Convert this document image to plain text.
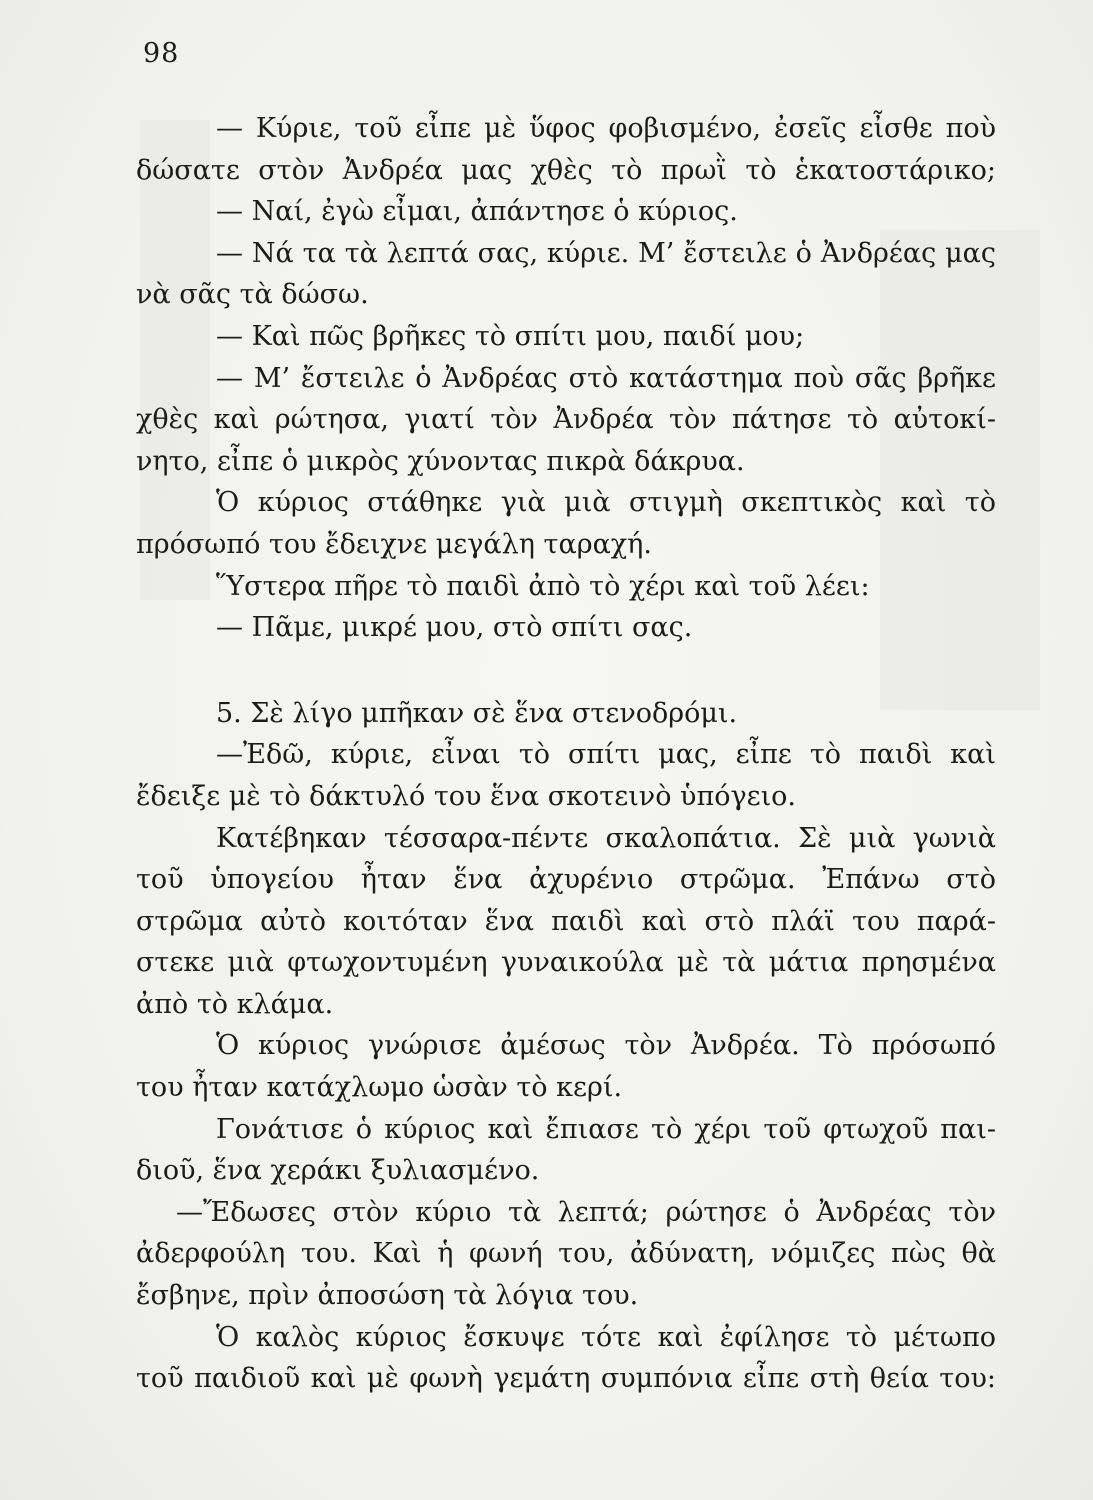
98
— Κύριε, τοῦ εἶπε μὲ ὕφος φοβισμένο, ἐσεῖς εἶσθε ποὺ
δώσατε στὸν Ἀνδρέα μας χθὲς τὸ πρωῒ τὸ ἑκατοστάρικο;
— Ναί, ἐγὼ εἶμαι, ἀπάντησε ὁ κύριος.
— Νά τα τὰ λεπτά σας, κύριε. Μ’ ἔστειλε ὁ Ἀνδρέας μας
νὰ σᾶς τὰ δώσω.
— Καὶ πῶς βρῆκες τὸ σπίτι μου, παιδί μου;
— Μ’ ἔστειλε ὁ Ἀνδρέας στὸ κατάστημα ποὺ σᾶς βρῆκε
χθὲς καὶ ρώτησα, γιατί τὸν Ἀνδρέα τὸν πάτησε τὸ αὐτοκί-
νητο, εἶπε ὁ μικρὸς χύνοντας πικρὰ δάκρυα.
Ὁ κύριος στάθηκε γιὰ μιὰ στιγμὴ σκεπτικὸς καὶ τὸ
πρόσωπό του ἔδειχνε μεγάλη ταραχή.
Ὕστερα πῆρε τὸ παιδὶ ἀπὸ τὸ χέρι καὶ τοῦ λέει:
— Πᾶμε, μικρέ μου, στὸ σπίτι σας.
5. Σὲ λίγο μπῆκαν σὲ ἕνα στενοδρόμι.
—Ἐδῶ, κύριε, εἶναι τὸ σπίτι μας, εἶπε τὸ παιδὶ καὶ
ἔδειξε μὲ τὸ δάκτυλό του ἕνα σκοτεινὸ ὑπόγειο.
Κατέβηκαν τέσσαρα-πέντε σκαλοπάτια. Σὲ μιὰ γωνιὰ
τοῦ ὑπογείου ἦταν ἕνα ἀχυρένιο στρῶμα. Ἐπάνω στὸ
στρῶμα αὐτὸ κοιτόταν ἕνα παιδὶ καὶ στὸ πλάϊ του παρά-
στεκε μιὰ φτωχοντυμένη γυναικούλα μὲ τὰ μάτια πρησμένα
ἀπὸ τὸ κλάμα.
Ὁ κύριος γνώρισε ἀμέσως τὸν Ἀνδρέα. Τὸ πρόσωπό
του ἦταν κατάχλωμο ὡσὰν τὸ κερί.
Γονάτισε ὁ κύριος καὶ ἔπιασε τὸ χέρι τοῦ φτωχοῦ παι-
διοῦ, ἕνα χεράκι ξυλιασμένο.
—Ἔδωσες στὸν κύριο τὰ λεπτά; ρώτησε ὁ Ἀνδρέας τὸν
ἀδερφούλη του. Καὶ ἡ φωνή του, ἀδύνατη, νόμιζες πὼς θὰ
ἔσβηνε, πρὶν ἀποσώση τὰ λόγια του.
Ὁ καλὸς κύριος ἔσκυψε τότε καὶ ἐφίλησε τὸ μέτωπο
τοῦ παιδιοῦ καὶ μὲ φωνὴ γεμάτη συμπόνια εἶπε στὴ θεία του:
